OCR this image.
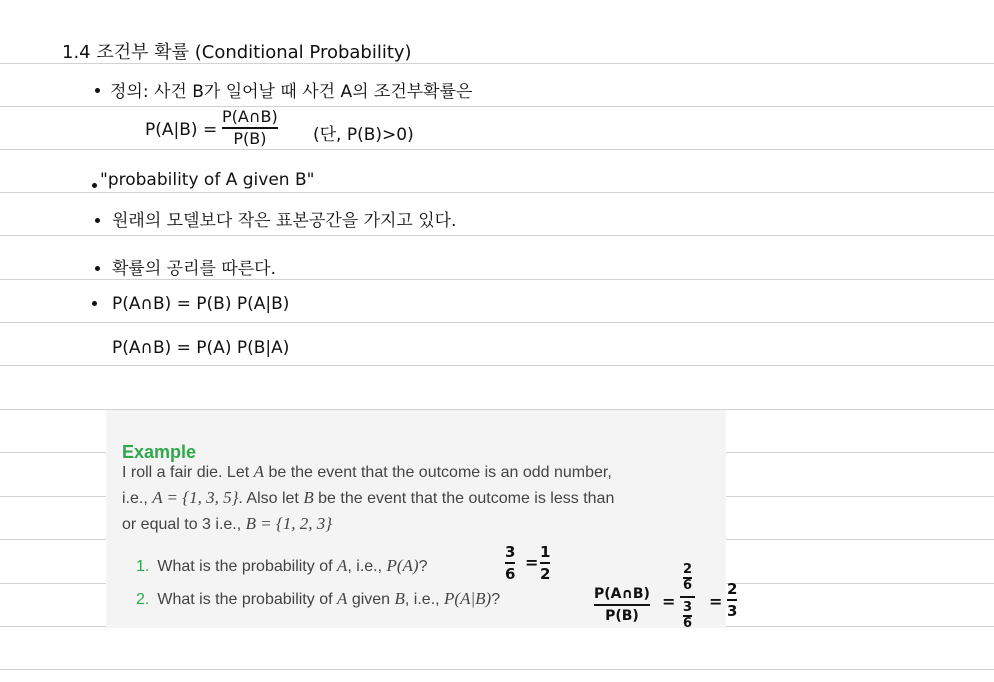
1.4 조건부 확률 (Conditional Probability)
정의: 사건 B가 일어날 때 사건 A의 조건부확률은
P(A|B) =
P(A∩B)
P(B)	(단, P(B)>0)
"probability of A given B"
원래의 모델보다 작은 표본공간을 가지고 있다.
확률의 공리를 따른다.
P(A∩B) = P(B) P(A|B)
P(A∩B) = P(A) P(B|A)
Example
I roll a fair die. Let A be the event that the outcome is an odd number,
i.e., A = {1, 3, 5}. Also let B be the event that the outcome is less than
or equal to 3 i.e., B = {1, 2, 3}
1. What is the probability of A, i.e., P(A)?
2. What is the probability of A given B, i.e., P(A|B)?
3
6
=
1
2
P(A∩B)
P(B)
=
2
6
3
6
=
2
3
